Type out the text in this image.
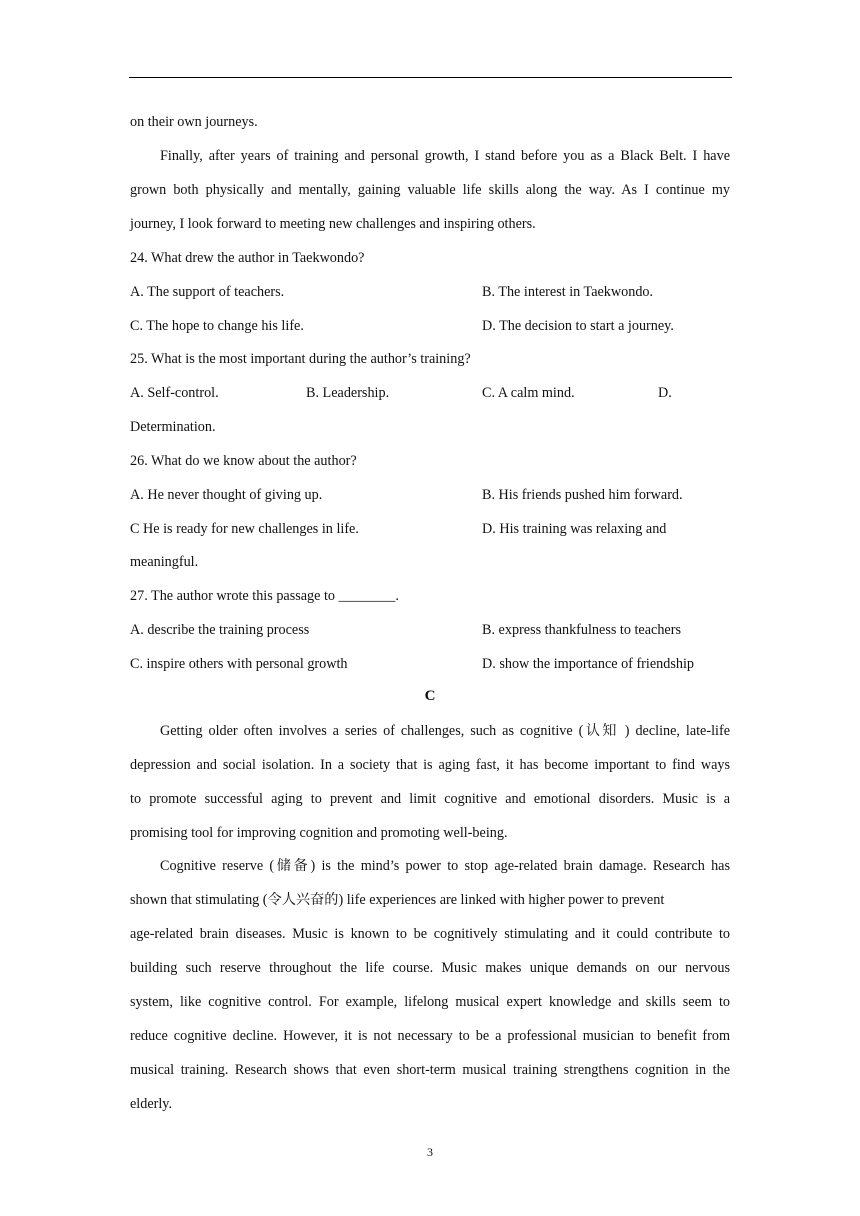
on their own journeys.
Finally, after years of training and personal growth, I stand before you as a Black Belt. I have
grown both physically and mentally, gaining valuable life skills along the way. As I continue my
journey, I look forward to meeting new challenges and inspiring others.
24. What drew the author in Taekwondo?
A. The support of teachers.	B. The interest in Taekwondo.
C. The hope to change his life.	D. The decision to start a journey.
25. What is the most important during the author’s training?
A. Self-control.	B. Leadership.	C. A calm mind.	D.
Determination.
26. What do we know about the author?
A. He never thought of giving up.	B. His friends pushed him forward.
C He is ready for new challenges in life.	D. His training was relaxing and
meaningful.
27. The author wrote this passage to ________.
A. describe the training process	B. express thankfulness to teachers
C. inspire others with personal growth	D. show the importance of friendship
C
Getting older often involves a series of challenges, such as cognitive (认知 ) decline, late-life
depression and social isolation. In a society that is aging fast, it has become important to find ways
to promote successful aging to prevent and limit cognitive and emotional disorders. Music is a
promising tool for improving cognition and promoting well-being.
Cognitive reserve (储备) is the mind’s power to stop age-related brain damage. Research has
shown that stimulating (令人兴奋的) life experiences are linked with higher power to prevent
age-related brain diseases. Music is known to be cognitively stimulating and it could contribute to
building such reserve throughout the life course. Music makes unique demands on our nervous
system, like cognitive control. For example, lifelong musical expert knowledge and skills seem to
reduce cognitive decline. However, it is not necessary to be a professional musician to benefit from
musical training. Research shows that even short-term musical training strengthens cognition in the
elderly.
3
